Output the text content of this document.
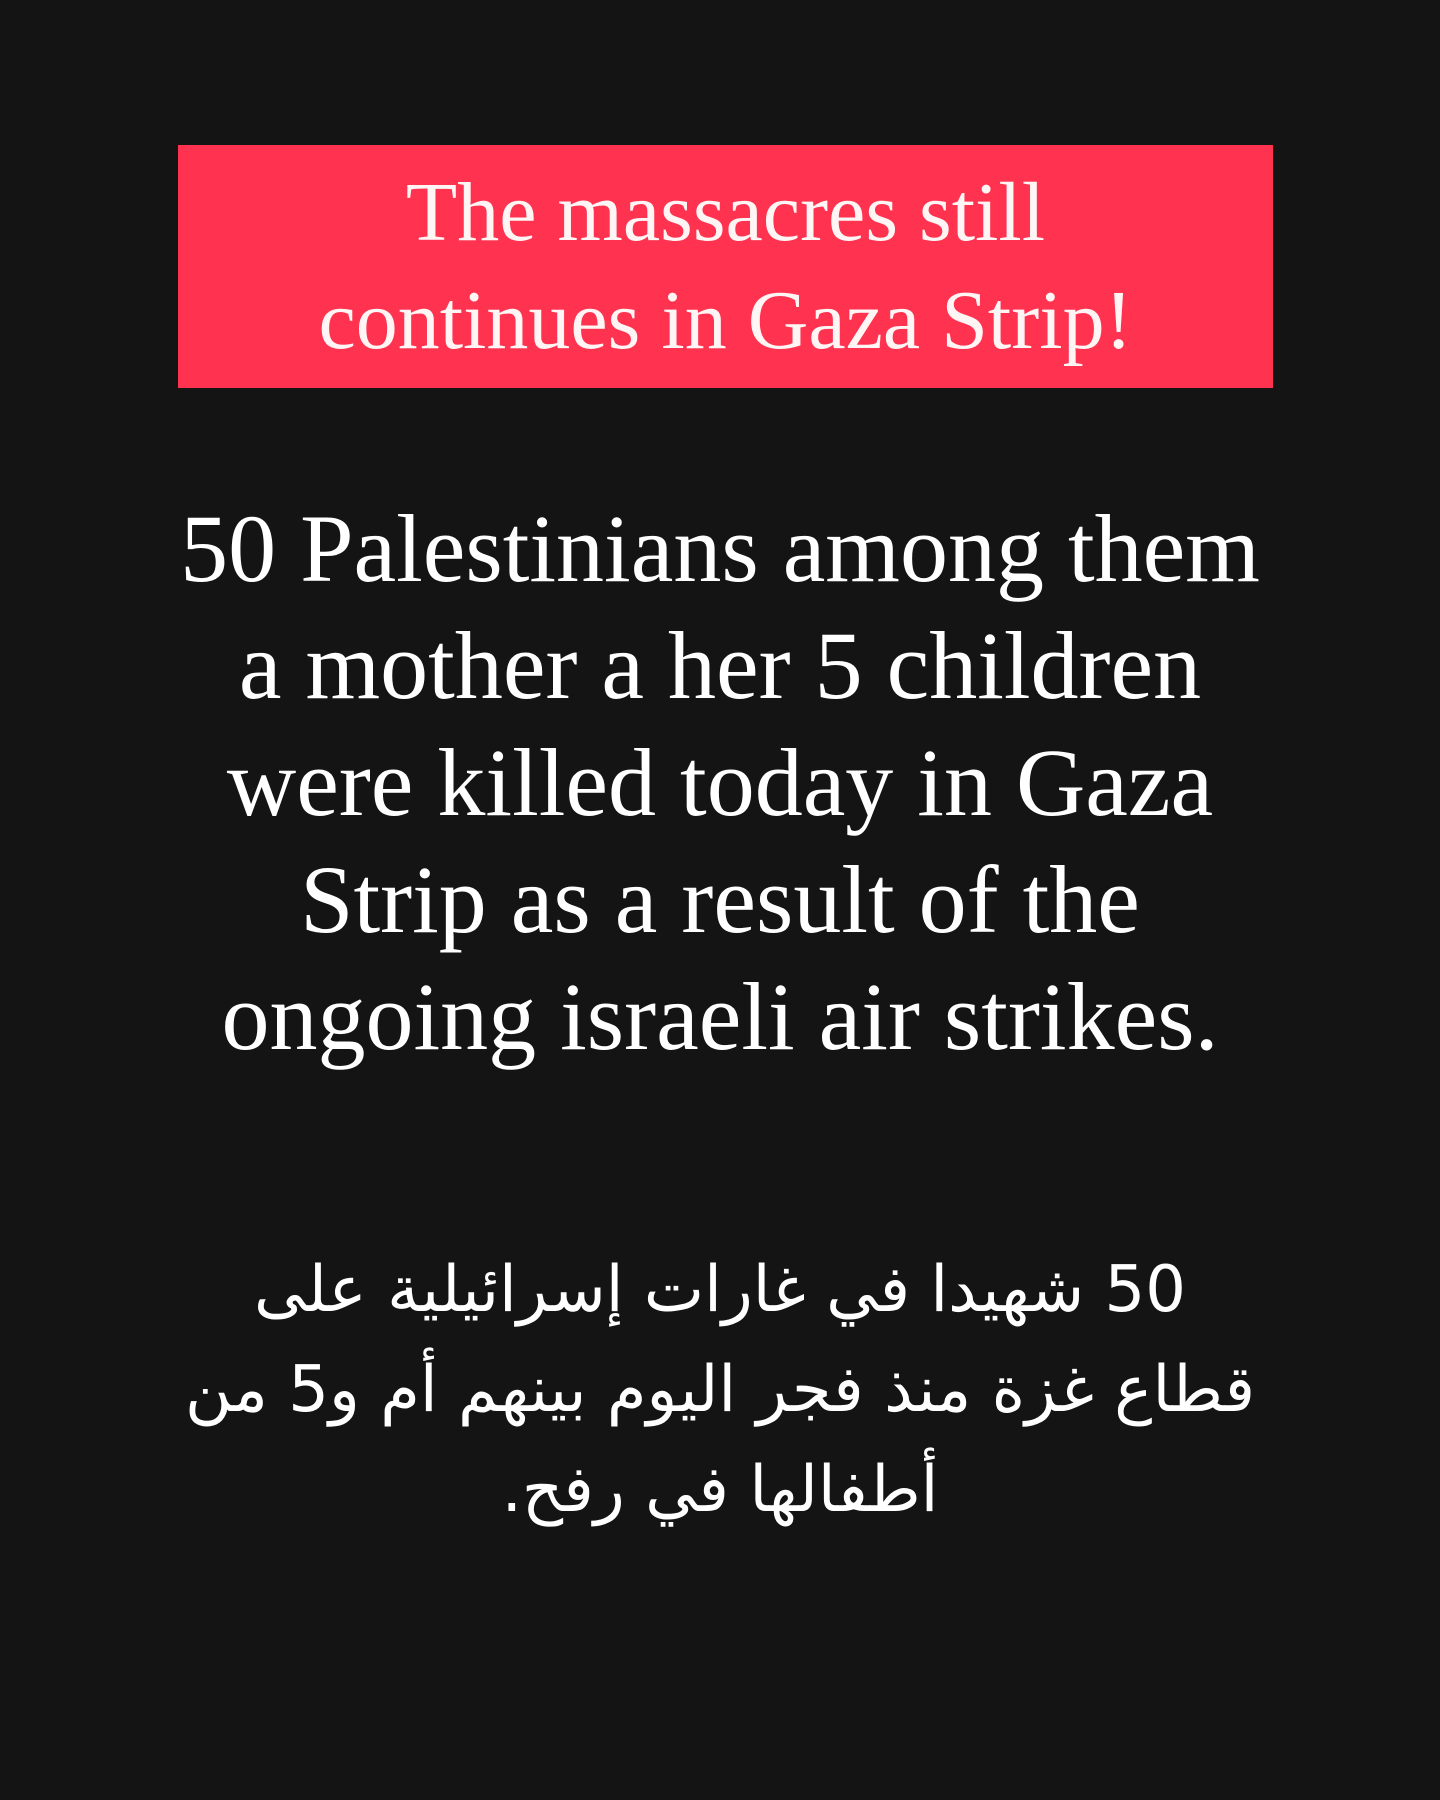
The massacres still
continues in Gaza Strip!
50 Palestinians among them
a mother a her 5 children
were killed today in Gaza
Strip as a result of the
ongoing israeli air strikes.
50 شهيدا في غارات إسرائيلية على
قطاع غزة منذ فجر اليوم بينهم أم و5 من
أطفالها في رفح.
